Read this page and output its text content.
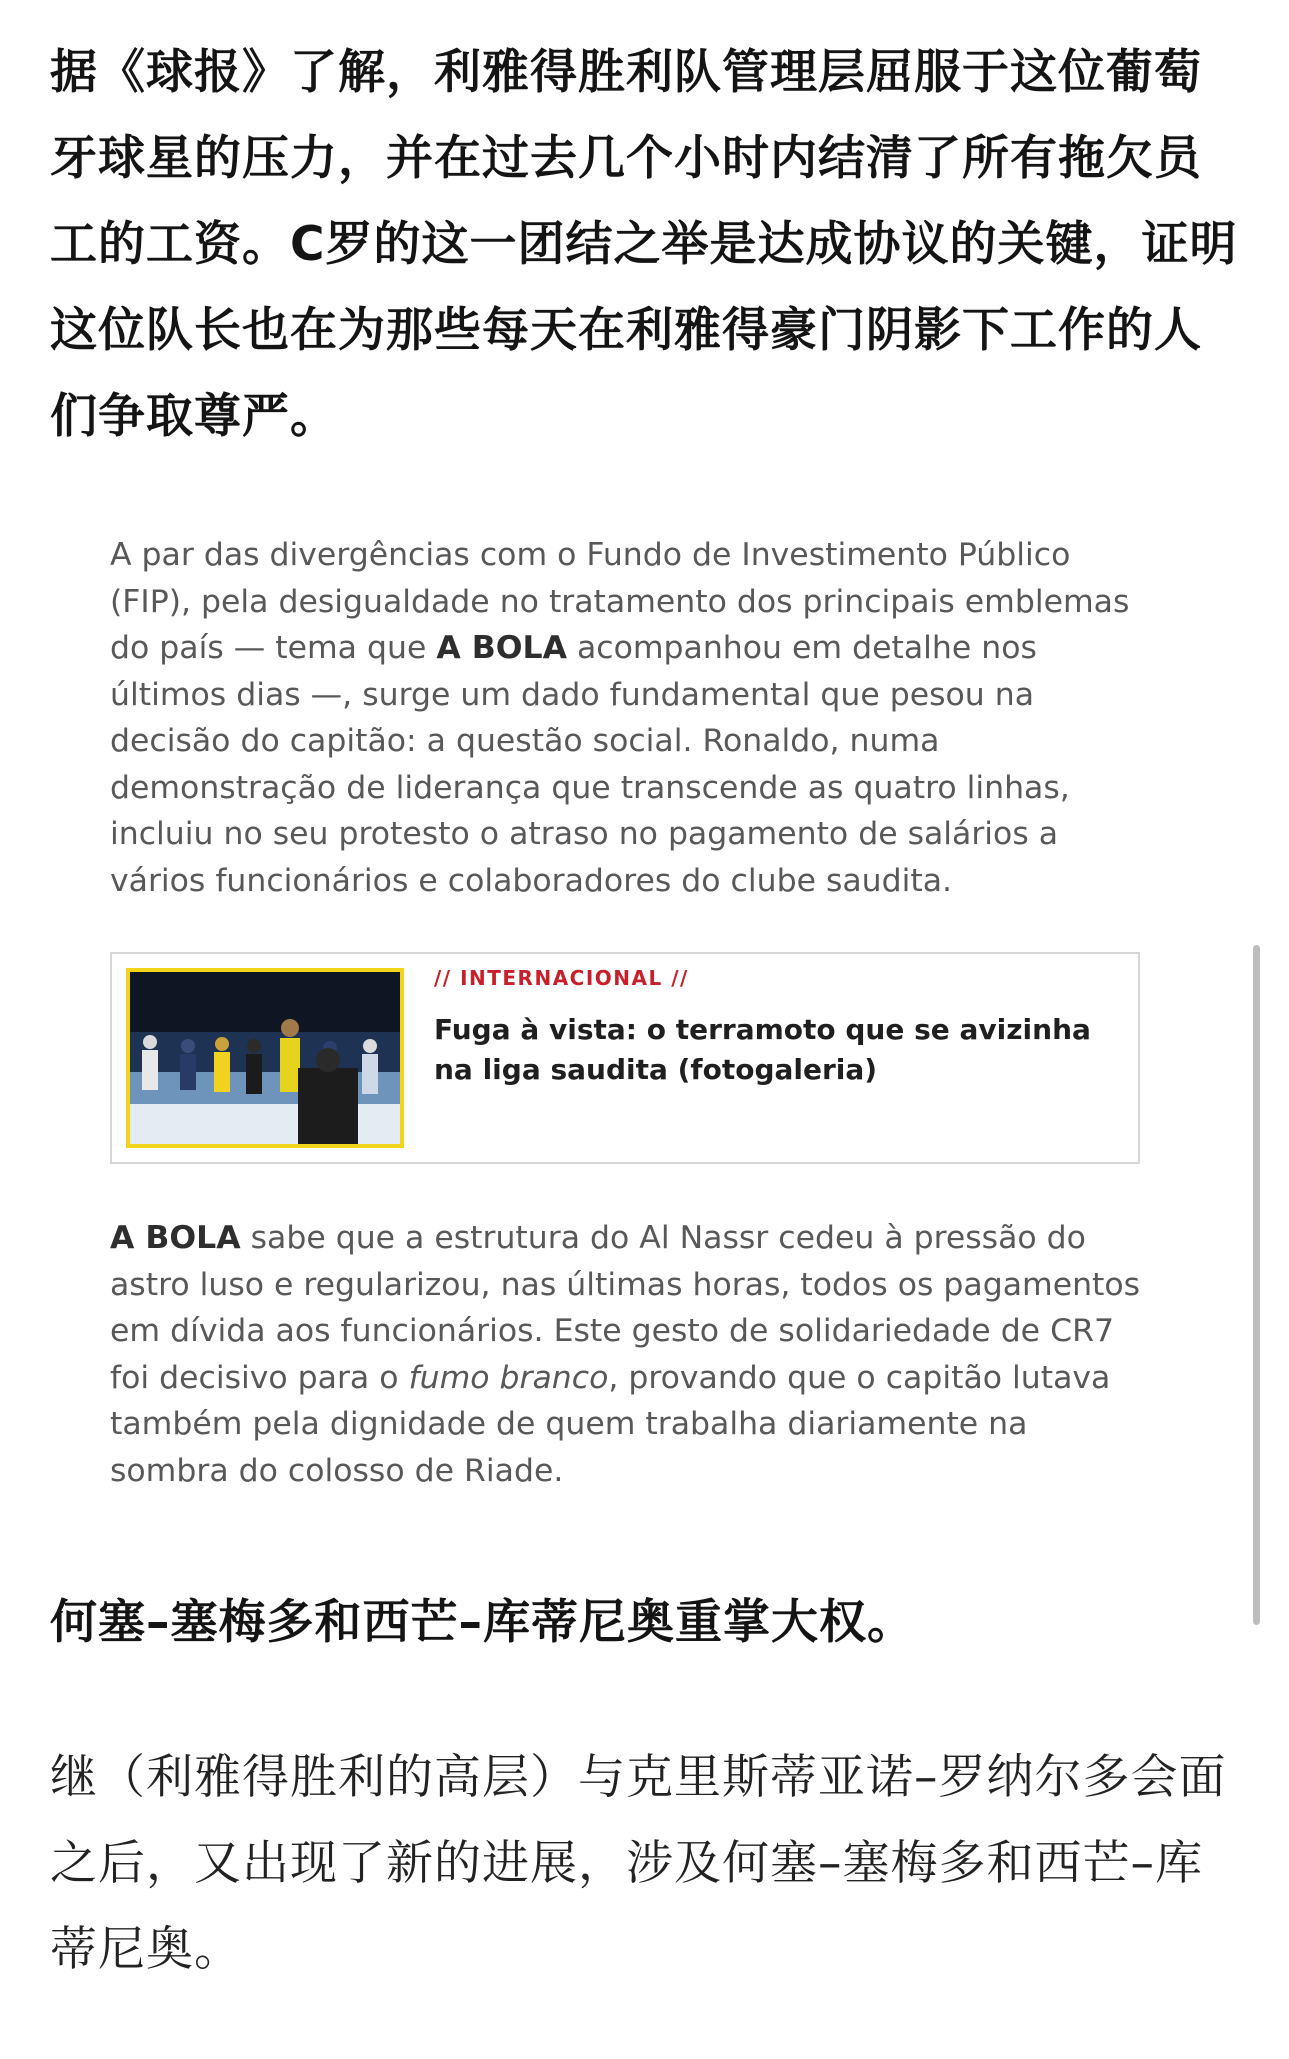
据《球报》了解，利雅得胜利队管理层屈服于这位葡萄牙球星的压力，并在过去几个小时内结清了所有拖欠员工的工资。C罗的这一团结之举是达成协议的关键，证明这位队长也在为那些每天在利雅得豪门阴影下工作的人们争取尊严。

A par das divergências com o Fundo de Investimento Público (FIP), pela desigualdade no tratamento dos principais emblemas do país — tema que A BOLA acompanhou em detalhe nos últimos dias —, surge um dado fundamental que pesou na decisão do capitão: a questão social. Ronaldo, numa demonstração de liderança que transcende as quatro linhas, incluiu no seu protesto o atraso no pagamento de salários a vários funcionários e colaboradores do clube saudita.

// INTERNACIONAL //
Fuga à vista: o terramoto que se avizinha na liga saudita (fotogaleria)

A BOLA sabe que a estrutura do Al Nassr cedeu à pressão do astro luso e regularizou, nas últimas horas, todos os pagamentos em dívida aos funcionários. Este gesto de solidariedade de CR7 foi decisivo para o fumo branco, provando que o capitão lutava também pela dignidade de quem trabalha diariamente na sombra do colosso de Riade.

何塞–塞梅多和西芒–库蒂尼奥重掌大权。

继（利雅得胜利的高层）与克里斯蒂亚诺–罗纳尔多会面之后，又出现了新的进展，涉及何塞–塞梅多和西芒–库蒂尼奥。
